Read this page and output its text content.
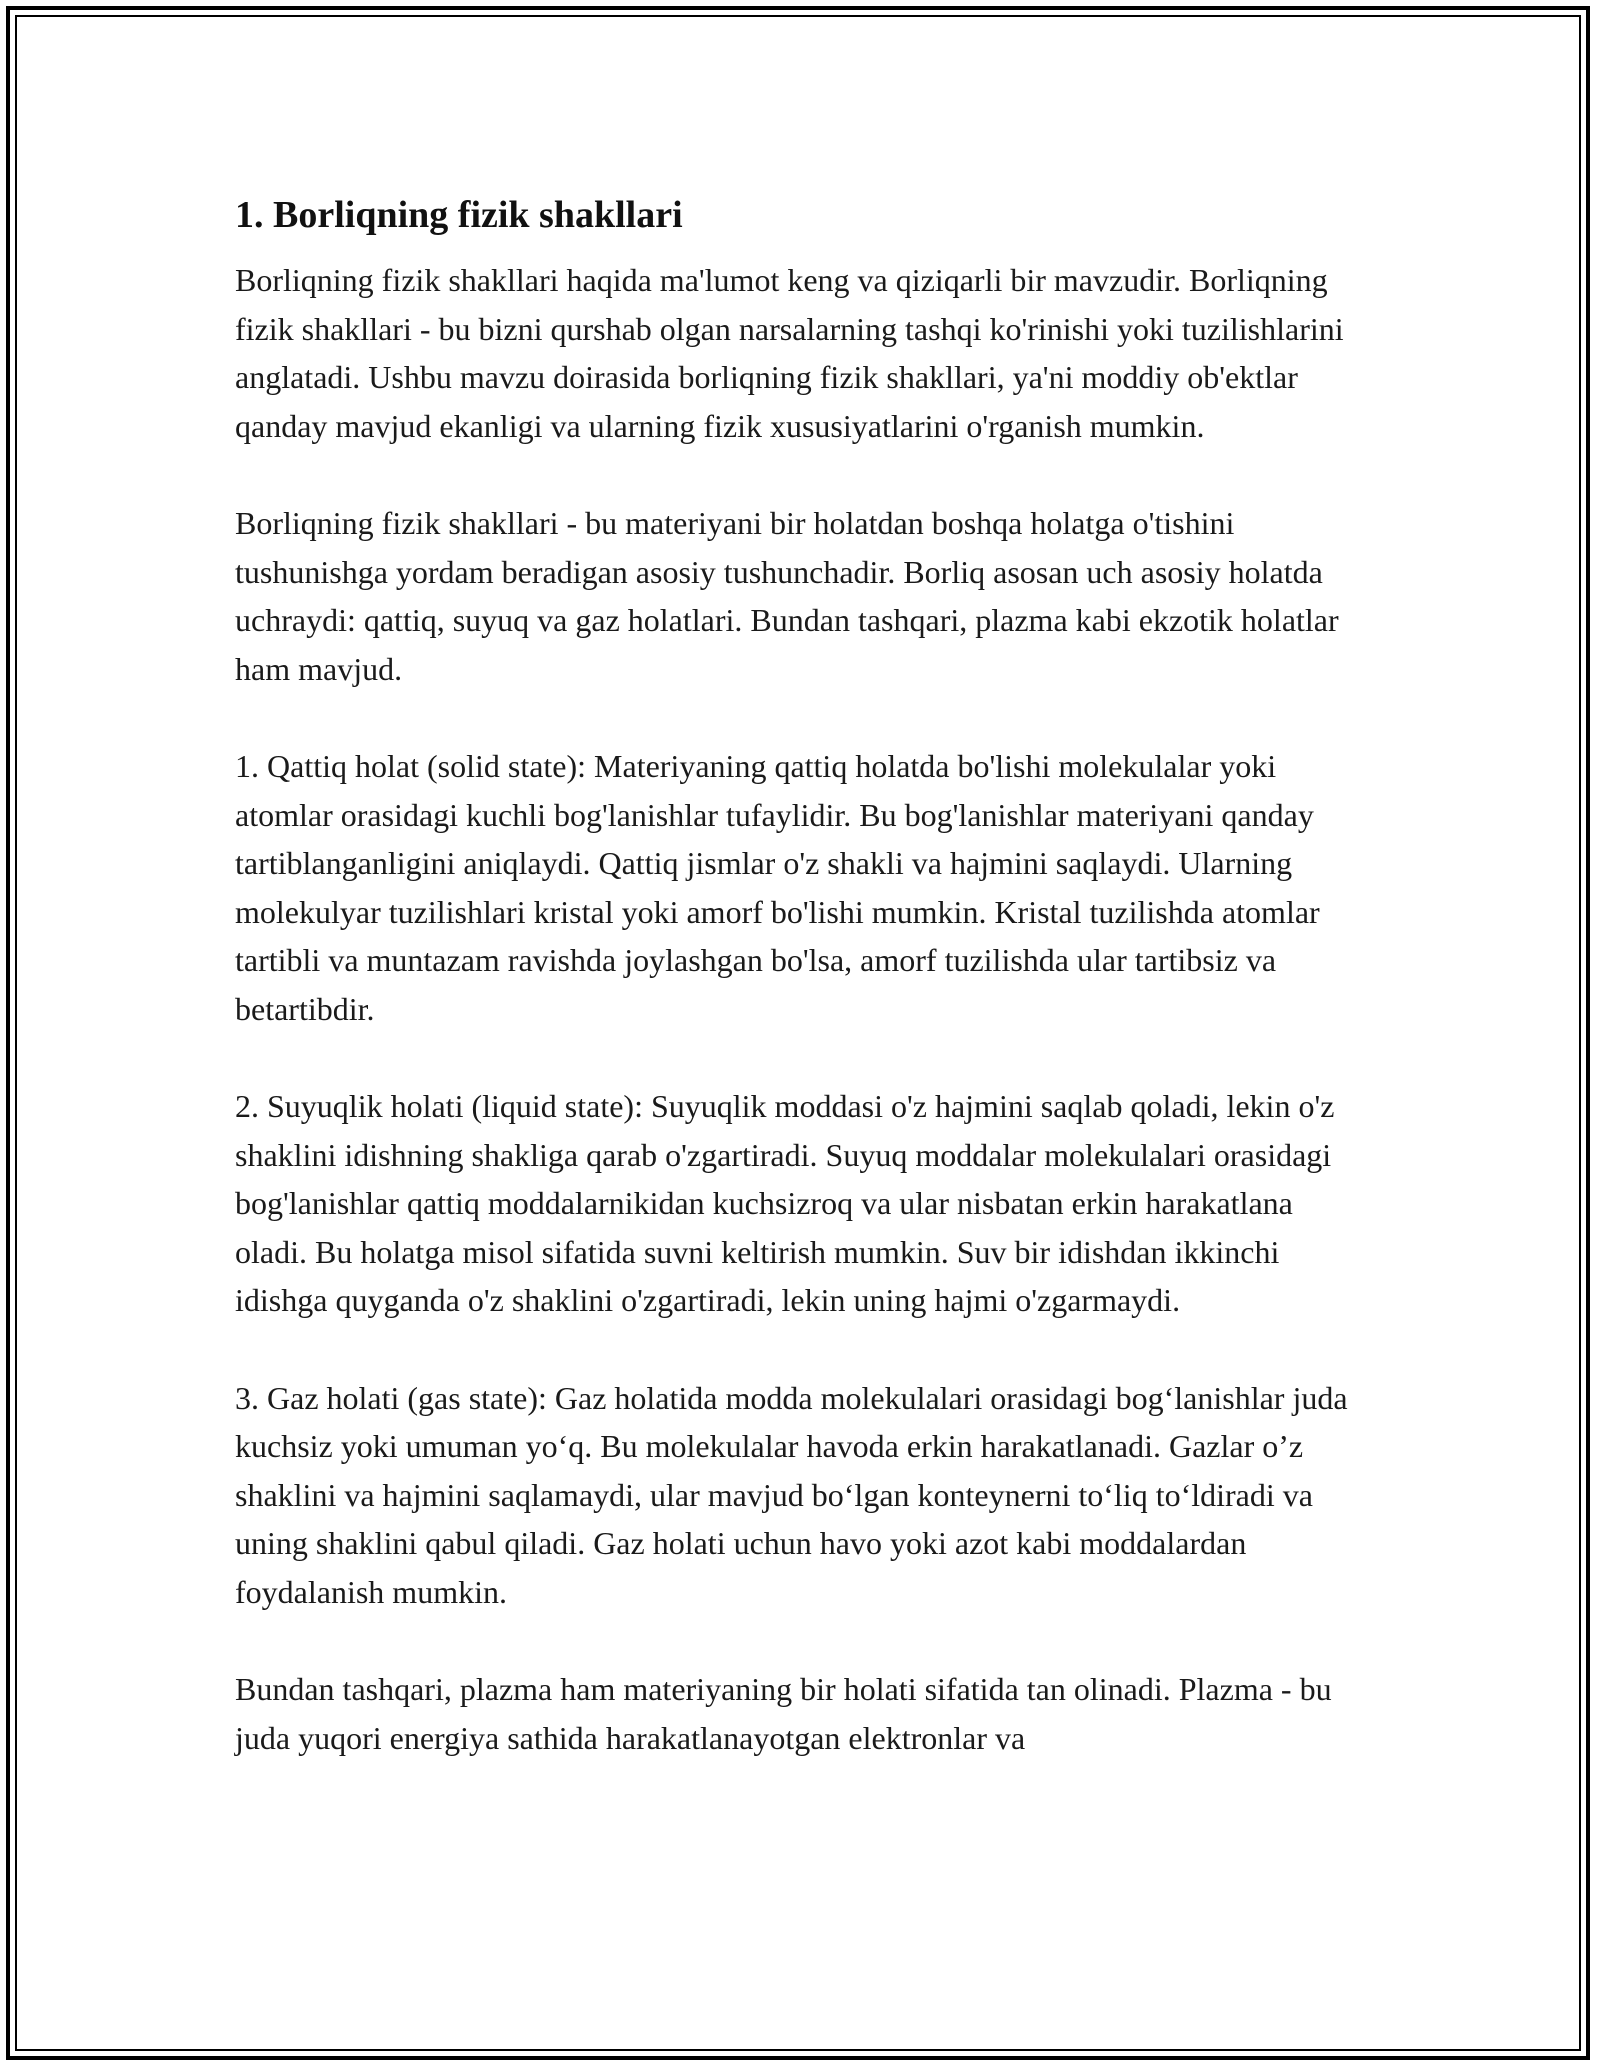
1. Borliqning fizik shakllari

Borliqning fizik shakllari haqida ma'lumot keng va qiziqarli bir mavzudir. Borliqning fizik shakllari - bu bizni qurshab olgan narsalarning tashqi ko'rinishi yoki tuzilishlarini anglatadi. Ushbu mavzu doirasida borliqning fizik shakllari, ya'ni moddiy ob'ektlar qanday mavjud ekanligi va ularning fizik xususiyatlarini o'rganish mumkin.

Borliqning fizik shakllari - bu materiyani bir holatdan boshqa holatga o'tishini tushunishga yordam beradigan asosiy tushunchadir. Borliq asosan uch asosiy holatda uchraydi: qattiq, suyuq va gaz holatlari. Bundan tashqari, plazma kabi ekzotik holatlar ham mavjud.

1. Qattiq holat (solid state): Materiyaning qattiq holatda bo'lishi molekulalar yoki atomlar orasidagi kuchli bog'lanishlar tufaylidir. Bu bog'lanishlar materiyani qanday tartiblanganligini aniqlaydi. Qattiq jismlar o'z shakli va hajmini saqlaydi. Ularning molekulyar tuzilishlari kristal yoki amorf bo'lishi mumkin. Kristal tuzilishda atomlar tartibli va muntazam ravishda joylashgan bo'lsa, amorf tuzilishda ular tartibsiz va betartibdir.

2. Suyuqlik holati (liquid state): Suyuqlik moddasi o'z hajmini saqlab qoladi, lekin o'z shaklini idishning shakliga qarab o'zgartiradi. Suyuq moddalar molekulalari orasidagi bog'lanishlar qattiq moddalarnikidan kuchsizroq va ular nisbatan erkin harakatlana oladi. Bu holatga misol sifatida suvni keltirish mumkin. Suv bir idishdan ikkinchi idishga quyganda o'z shaklini o'zgartiradi, lekin uning hajmi o'zgarmaydi.

3. Gaz holati (gas state): Gaz holatida modda molekulalari orasidagi bog‘lanishlar juda kuchsiz yoki umuman yo‘q. Bu molekulalar havoda erkin harakatlanadi. Gazlar o’z shaklini va hajmini saqlamaydi, ular mavjud bo‘lgan konteynerni to‘liq to‘ldiradi va uning shaklini qabul qiladi. Gaz holati uchun havo yoki azot kabi moddalardan foydalanish mumkin.

Bundan tashqari, plazma ham materiyaning bir holati sifatida tan olinadi. Plazma - bu juda yuqori energiya sathida harakatlanayotgan elektronlar va
